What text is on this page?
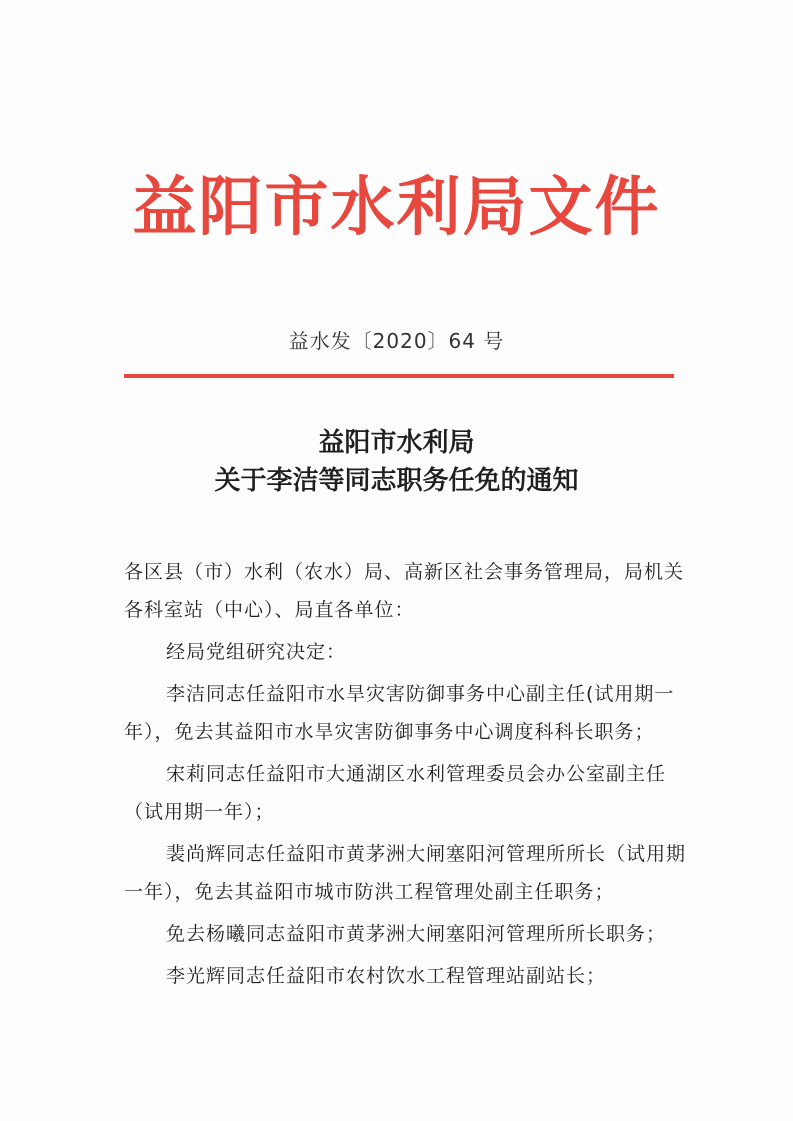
益阳市水利局文件
益水发〔2020〕64 号
益阳市水利局
关于李洁等同志职务任免的通知
各区县（市）水利（农水）局、高新区社会事务管理局，局机关
各科室站（中心）、局直各单位：
经局党组研究决定：
李洁同志任益阳市水旱灾害防御事务中心副主任(试用期一
年），免去其益阳市水旱灾害防御事务中心调度科科长职务；
宋莉同志任益阳市大通湖区水利管理委员会办公室副主任
（试用期一年）；
裴尚辉同志任益阳市黄茅洲大闸塞阳河管理所所长（试用期
一年），免去其益阳市城市防洪工程管理处副主任职务；
免去杨曦同志益阳市黄茅洲大闸塞阳河管理所所长职务；
李光辉同志任益阳市农村饮水工程管理站副站长；
